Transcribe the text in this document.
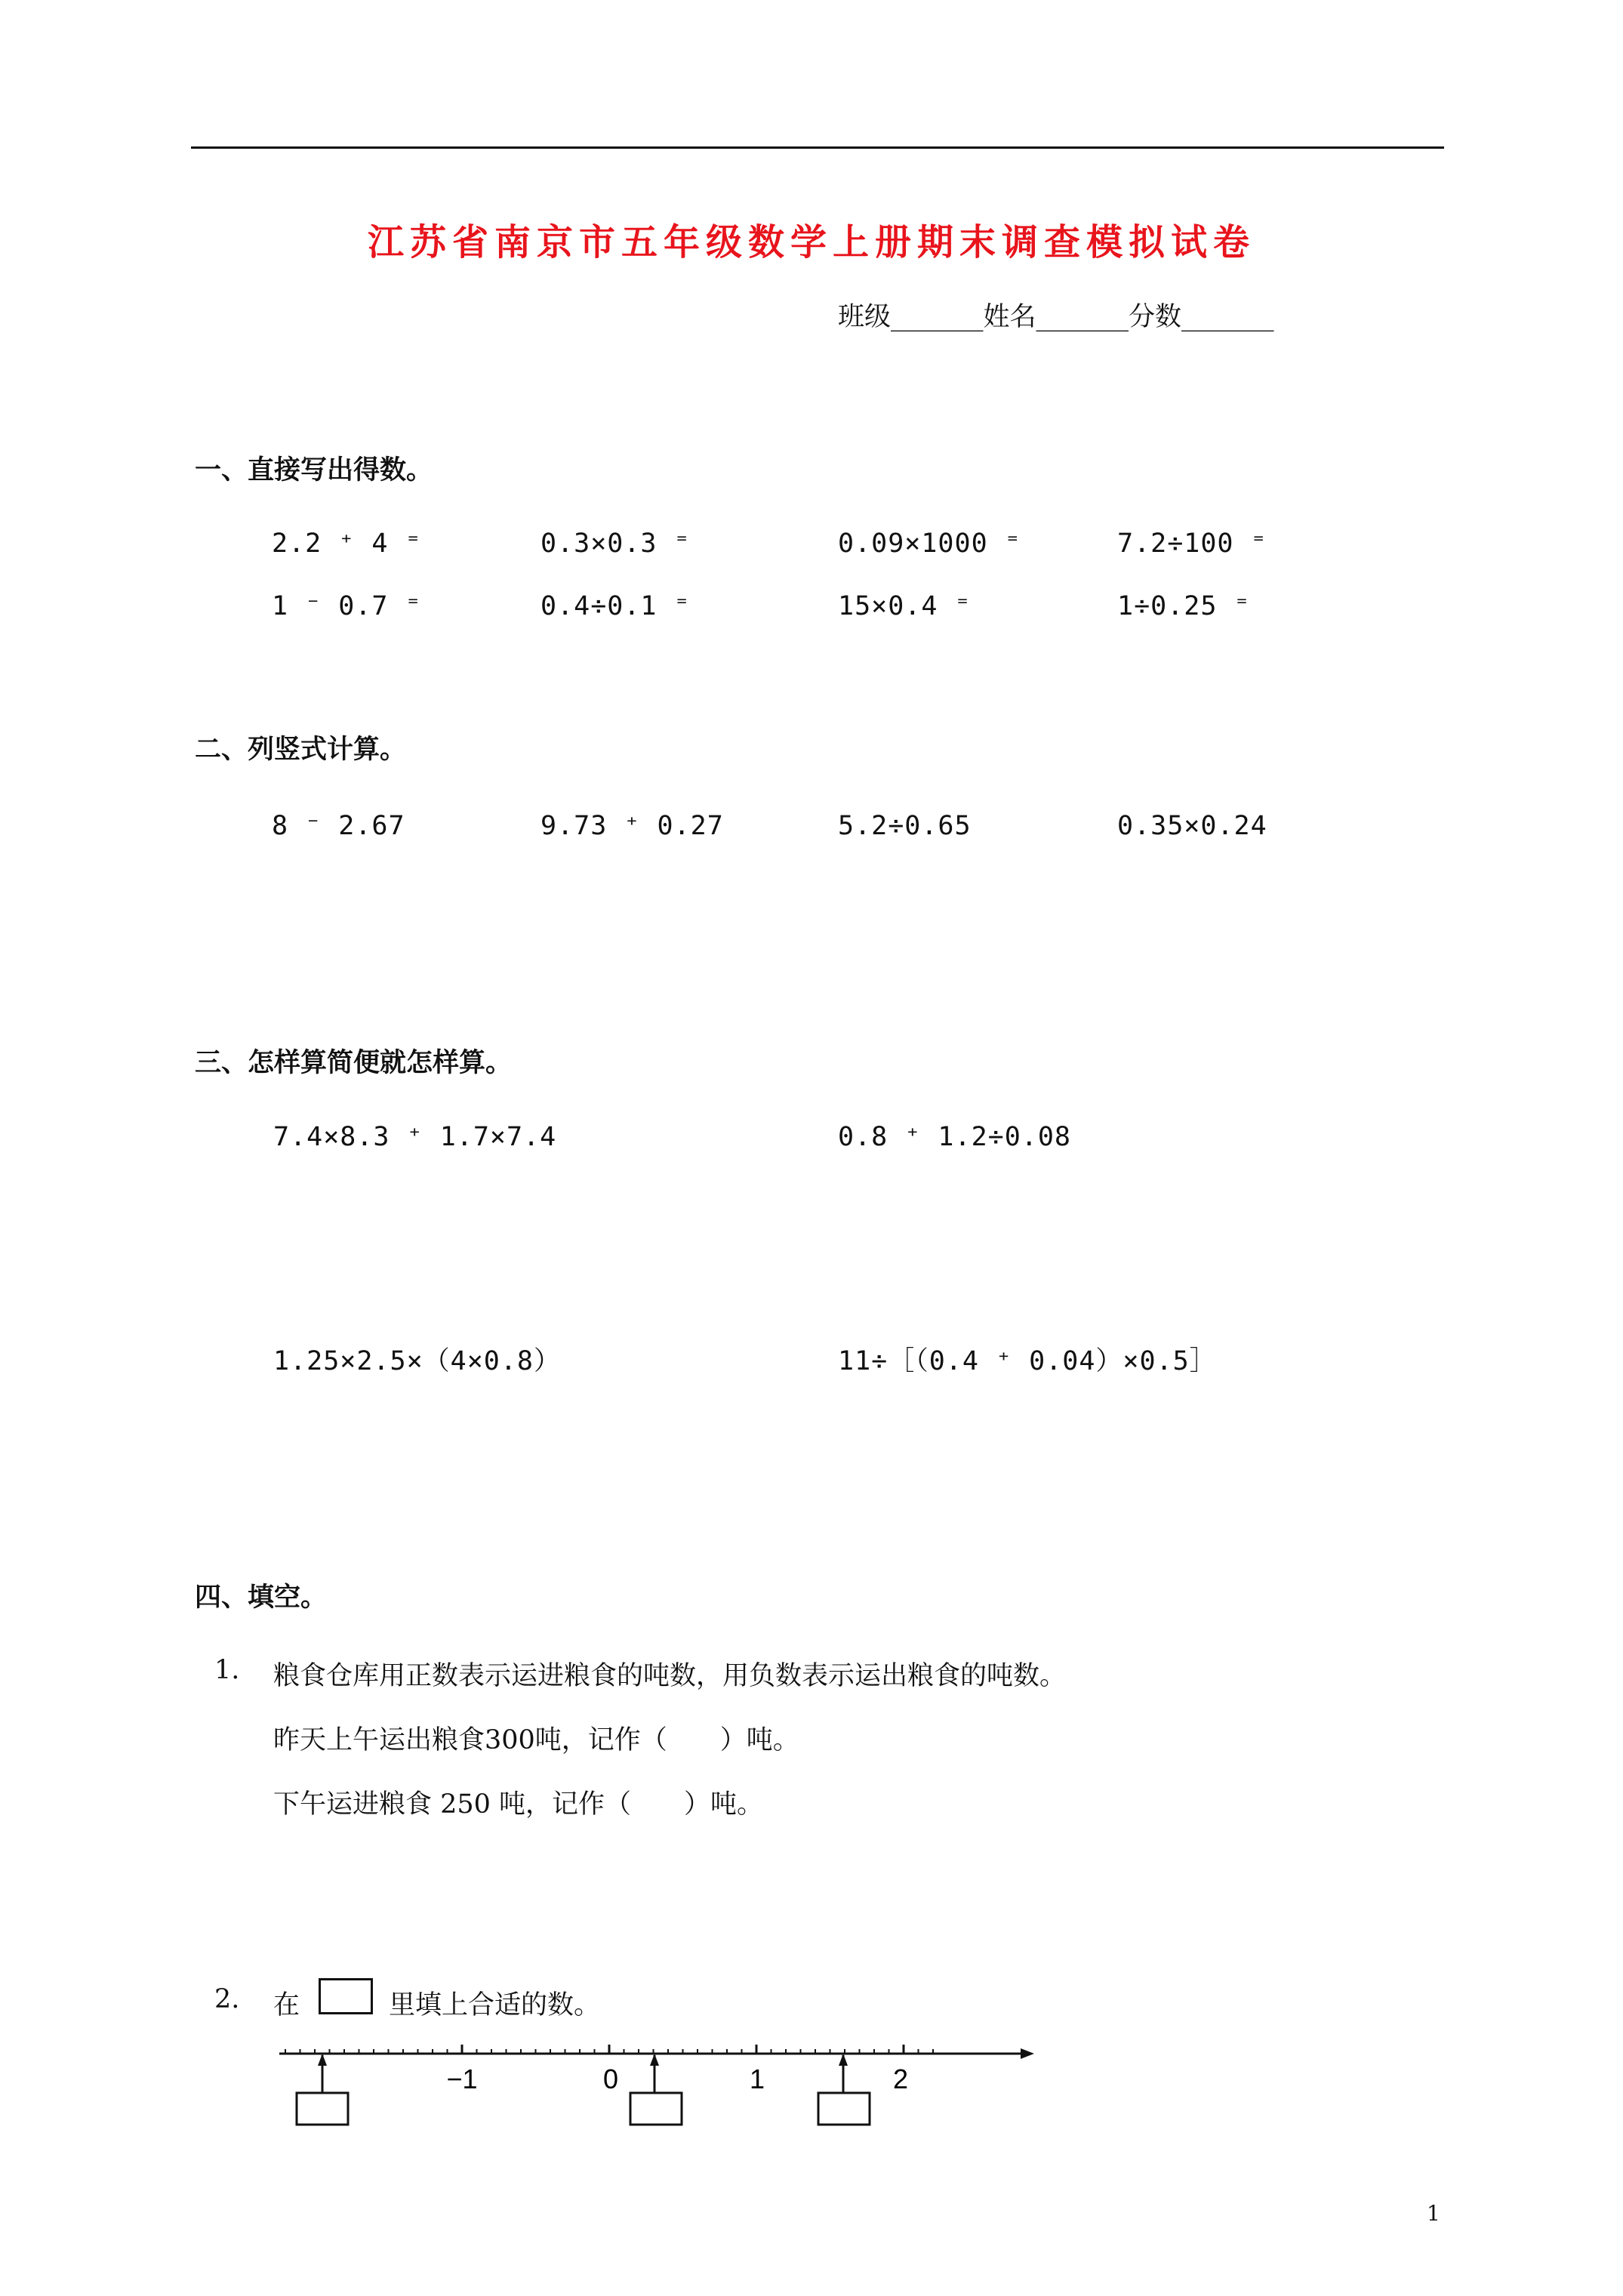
江苏省南京市五年级数学上册期末调查模拟试卷
班级_______姓名_______分数_______
一、直接写出得数。
2.2 ⁺ 4 ⁼	0.3×0.3 ⁼	0.09×1000 ⁼	7.2÷100 ⁼
1 ⁻ 0.7 ⁼	0.4÷0.1 ⁼	15×0.4 ⁼	1÷0.25 ⁼
二、列竖式计算。
8 ⁻ 2.67	9.73 ⁺ 0.27	5.2÷0.65	0.35×0.24
三、怎样算简便就怎样算。
7.4×8.3 ⁺ 1.7×7.4	0.8 ⁺ 1.2÷0.08
1.25×2.5×（4×0.8）	11÷［（0.4 ⁺ 0.04）×0.5］
四、填空。
1. 粮食仓库用正数表示运进粮食的吨数，用负数表示运出粮食的吨数。
昨天上午运出粮食300吨，记作（　　）吨。
下午运进粮食 250 吨，记作（　　）吨。
2. 在	里填上合适的数。
−1	0	1	2
1
